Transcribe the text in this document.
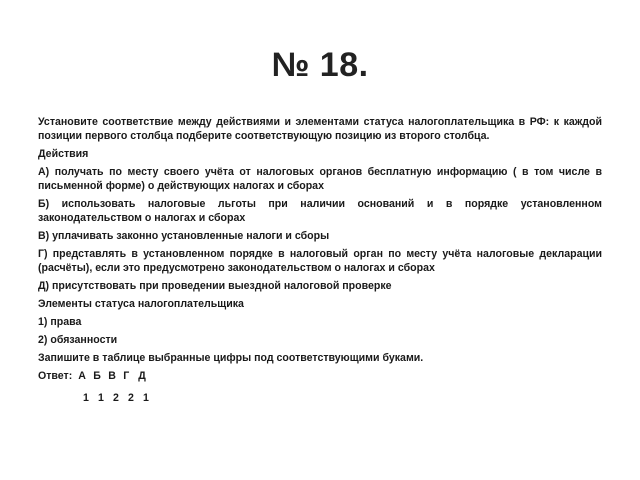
№ 18.

Установите соответствие между действиями и элементами статуса налогоплательщика в РФ: к каждой позиции первого столбца подберите соответствующую позицию из второго столбца.

Действия

А) получать по месту своего учёта от налоговых органов бесплатную информацию ( в том числе в письменной форме) о действующих налогах и сборах

Б) использовать налоговые льготы при наличии оснований и в порядке установленном законодательством о налогах и сборах

В) уплачивать законно установленные налоги и сборы

Г) представлять в установленном порядке в налоговый орган по месту учёта налоговые декларации (расчёты), если это предусмотрено законодательством о налогах и сборах

Д) присутствовать при проведении выездной налоговой проверке

Элементы статуса налогоплательщика

1) права

2) обязанности

Запишите в таблице выбранные цифры под соответствующими буками.

Ответ: А Б В Г Д
1 1 2 2 1
